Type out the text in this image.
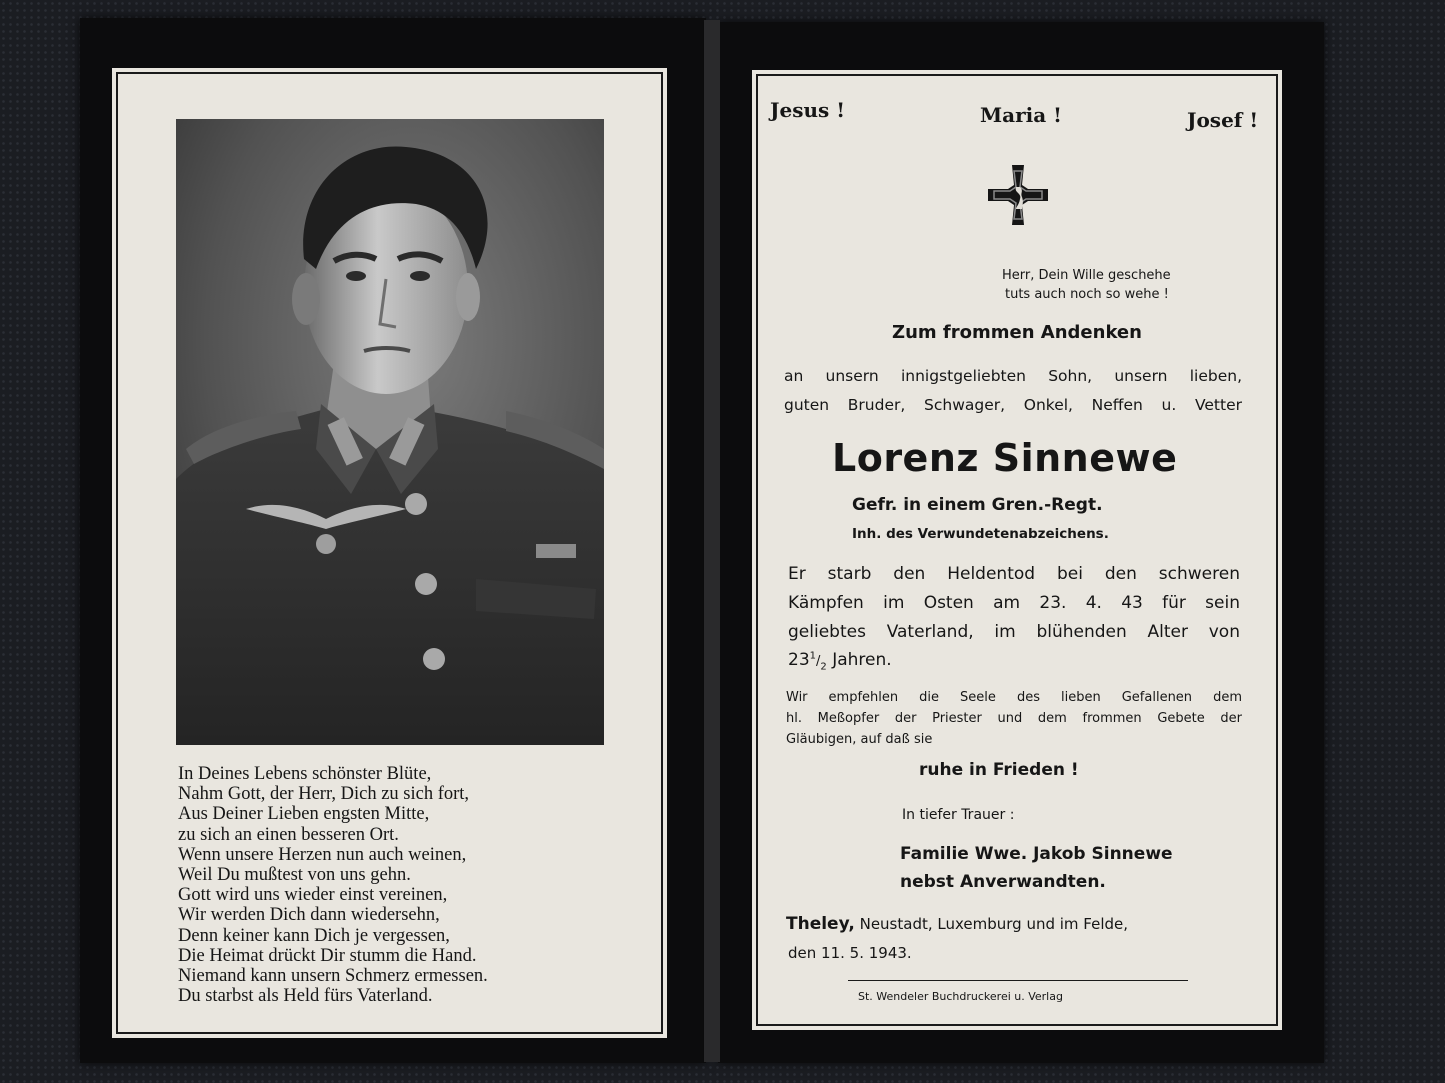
In Deines Lebens schönster Blüte,
Nahm Gott, der Herr, Dich zu sich fort,
Aus Deiner Lieben engsten Mitte,
zu sich an einen besseren Ort.
Wenn unsere Herzen nun auch weinen,
Weil Du mußtest von uns gehn.
Gott wird uns wieder einst vereinen,
Wir werden Dich dann wiedersehn,
Denn keiner kann Dich je vergessen,
Die Heimat drückt Dir stumm die Hand.
Niemand kann unsern Schmerz ermessen.
Du starbst als Held fürs Vaterland.
Jesus !	Maria !	Josef !
Herr, Dein Wille geschehe
tuts auch noch so wehe !
Zum frommen Andenken
an unsern innigstgeliebten Sohn, unsern lieben,
guten Bruder, Schwager, Onkel, Neffen u. Vetter
Lorenz Sinnewe
Gefr. in einem Gren.-Regt.
Inh. des Verwundetenabzeichens.
Er starb den Heldentod bei den schweren
Kämpfen im Osten am 23. 4. 43 für sein
geliebtes Vaterland, im blühenden Alter von
$23^1/_2$ Jahren.
Wir empfehlen die Seele des lieben Gefallenen dem
hl. Meßopfer der Priester und dem frommen Gebete der
Gläubigen, auf daß sie
ruhe in Frieden !
In tiefer Trauer :
Familie Wwe. Jakob Sinnewe
nebst Anverwandten.
Theley, Neustadt, Luxemburg und im Felde,
den 11. 5. 1943.
St. Wendeler Buchdruckerei u. Verlag
